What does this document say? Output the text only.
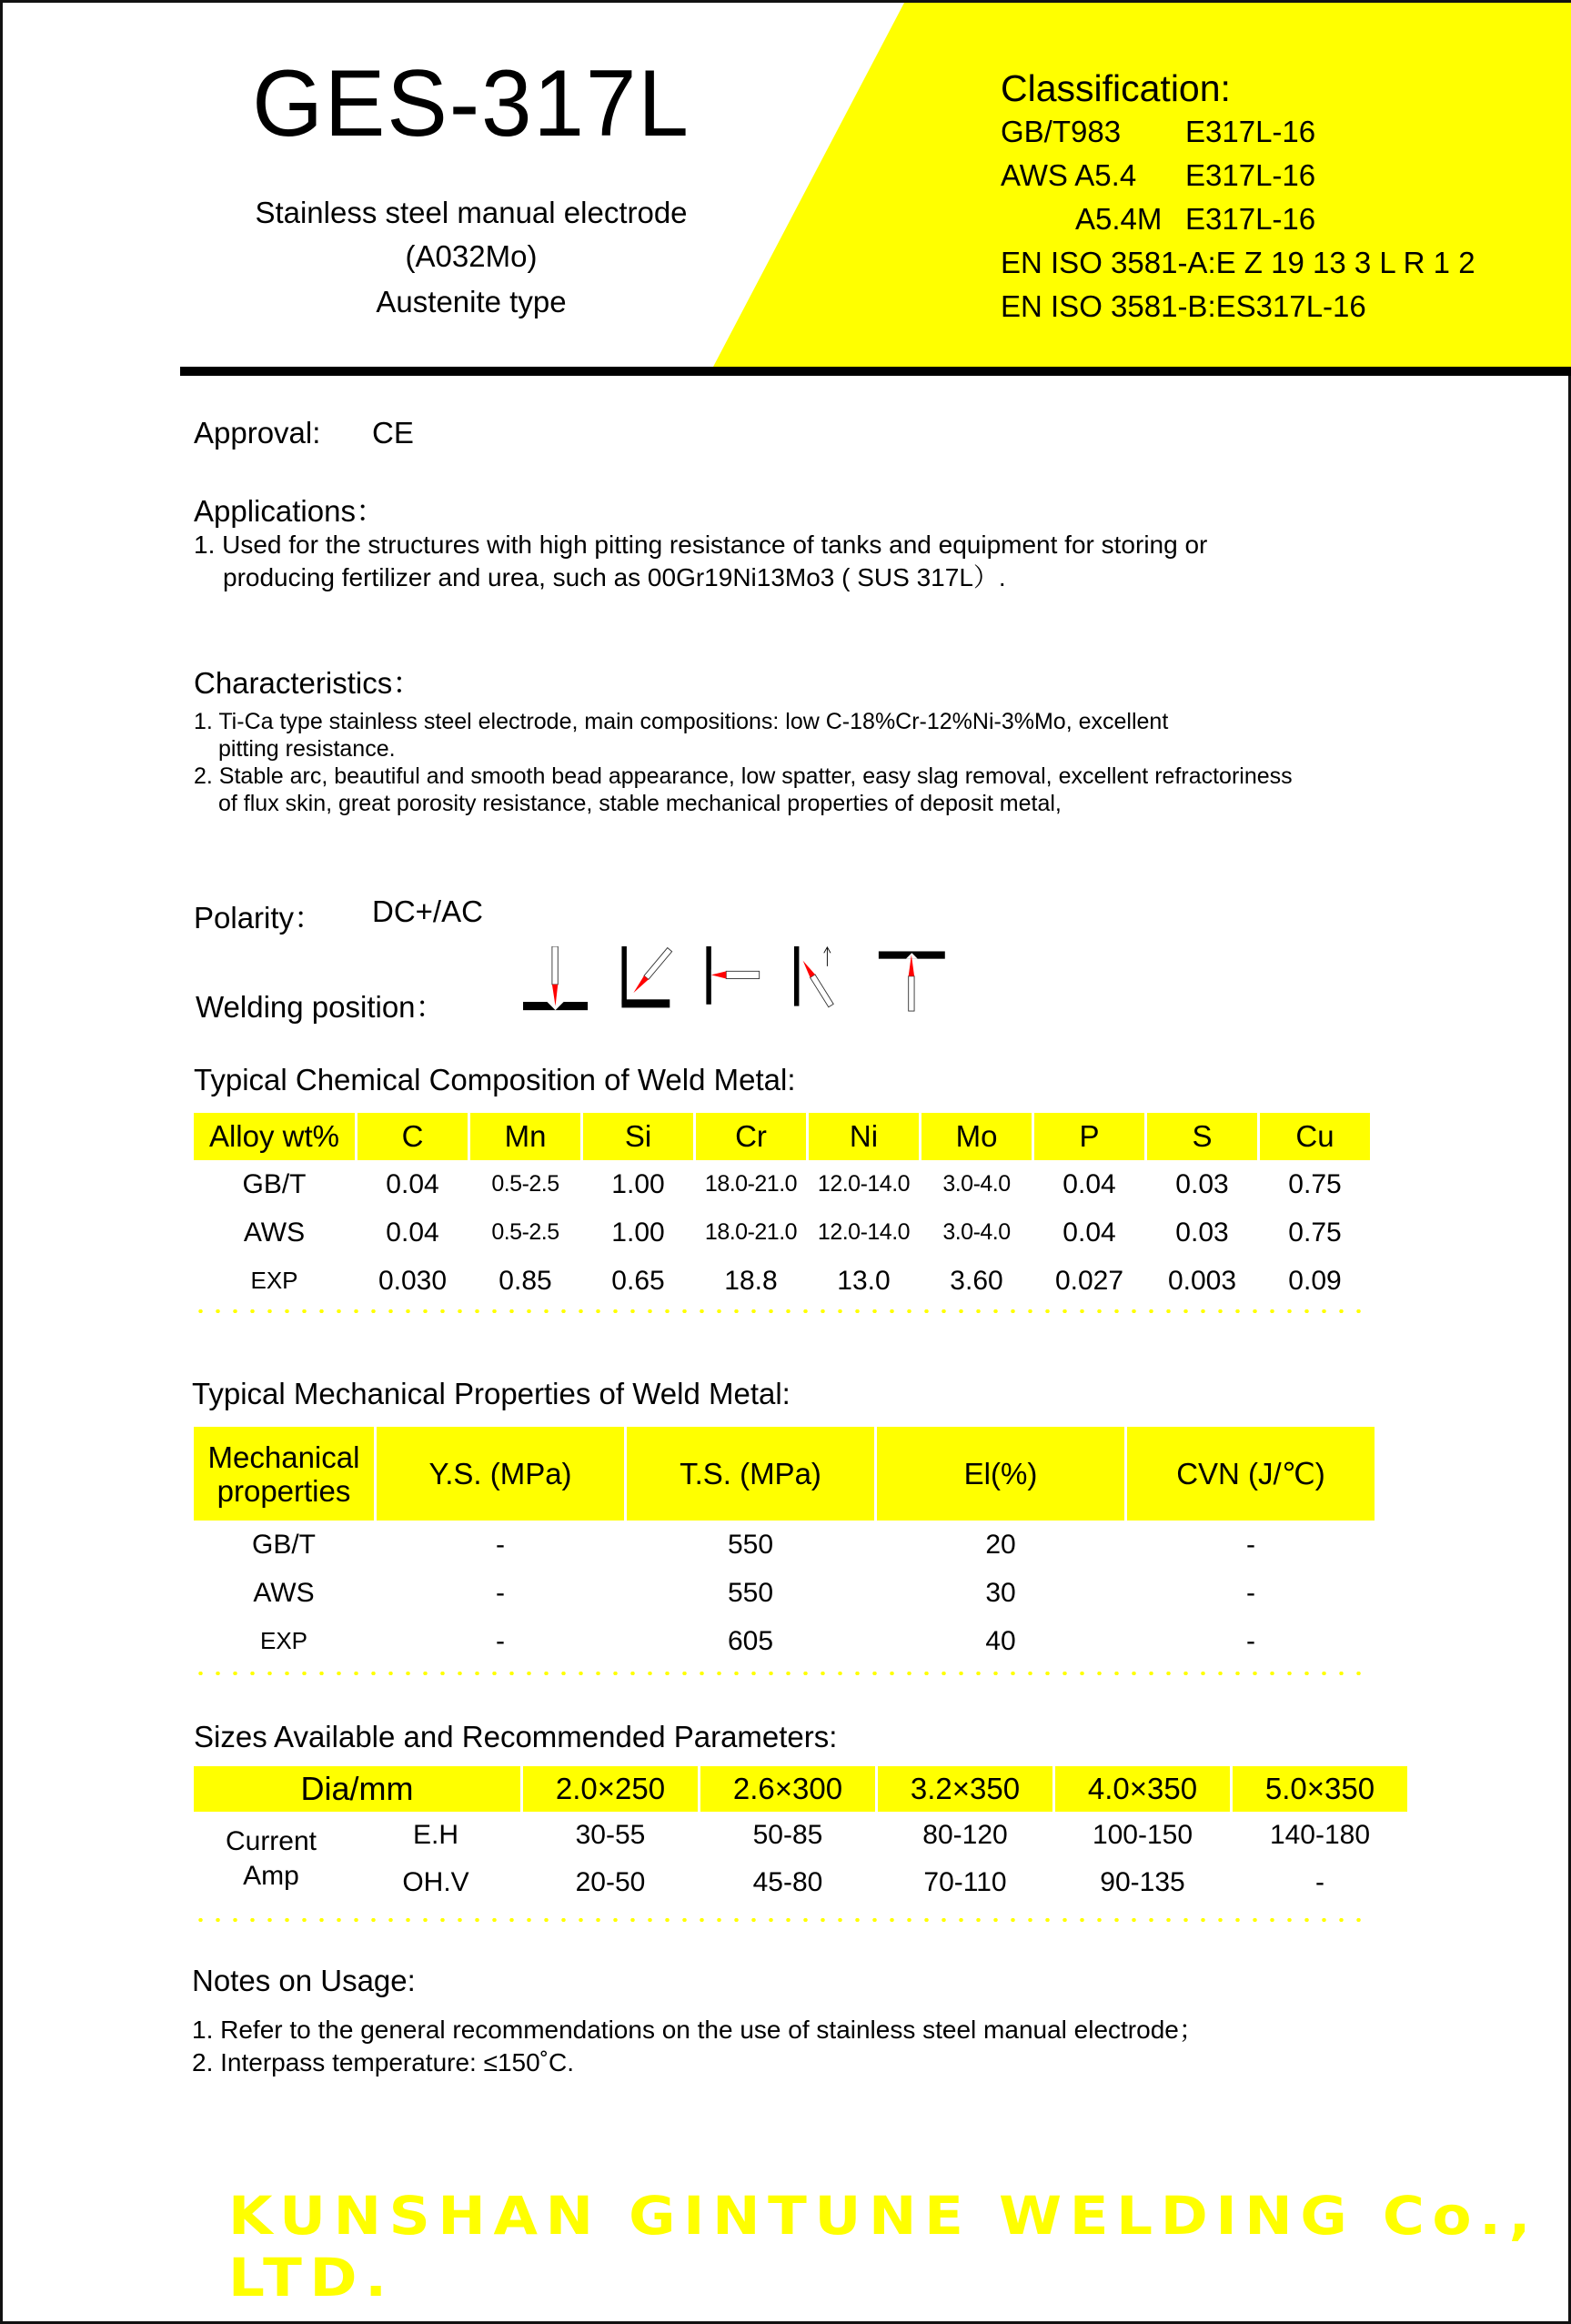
GES-317L
Stainless steel manual electrode
(A032Mo)
Austenite type
Classification:
GB/T983 E317L-16
AWS A5.4 E317L-16
A5.4M E317L-16
EN ISO 3581-A:E Z 19 13 3 L R 1 2
EN ISO 3581-B:ES317L-16
Approval: CE
Applications：
1. Used for the structures with high pitting resistance of tanks and equipment for storing or
producing fertilizer and urea, such as 00Gr19Ni13Mo3 ( SUS 317L）.
Characteristics：
1. Ti-Ca type stainless steel electrode, main compositions: low C-18%Cr-12%Ni-3%Mo, excellent
pitting resistance.
2. Stable arc, beautiful and smooth bead appearance, low spatter, easy slag removal, excellent refractoriness
of flux skin, great porosity resistance, stable mechanical properties of deposit metal,
Polarity： DC+/AC
Welding position：
Typical Chemical Composition of Weld Metal:
Alloy wt%	C	Mn	Si	Cr	Ni	Mo	P	S	Cu
GB/T	0.04	0.5-2.5	1.00	18.0-21.0	12.0-14.0	3.0-4.0	0.04	0.03	0.75
AWS	0.04	0.5-2.5	1.00	18.0-21.0	12.0-14.0	3.0-4.0	0.04	0.03	0.75
EXP	0.030	0.85	0.65	18.8	13.0	3.60	0.027	0.003	0.09
Typical Mechanical Properties of Weld Metal:
Mechanical
properties	Y.S. (MPa)	T.S. (MPa)	El(%)	CVN (J/℃)
GB/T	-	550	20	-
AWS	-	550	30	-
EXP	-	605	40	-
Sizes Available and Recommended Parameters:
Dia/mm		2.0×250	2.6×300	3.2×350	4.0×350	5.0×350

Current
Amp	E.H	30-55	50-85	80-120	100-150	140-180
	OH.V	20-50	45-80	70-110	90-135	-
Notes on Usage:
1. Refer to the general recommendations on the use of stainless steel manual electrode；
2. Interpass temperature: ≤150˚C.
KUNSHAN GINTUNE WELDING Co., LTD.
